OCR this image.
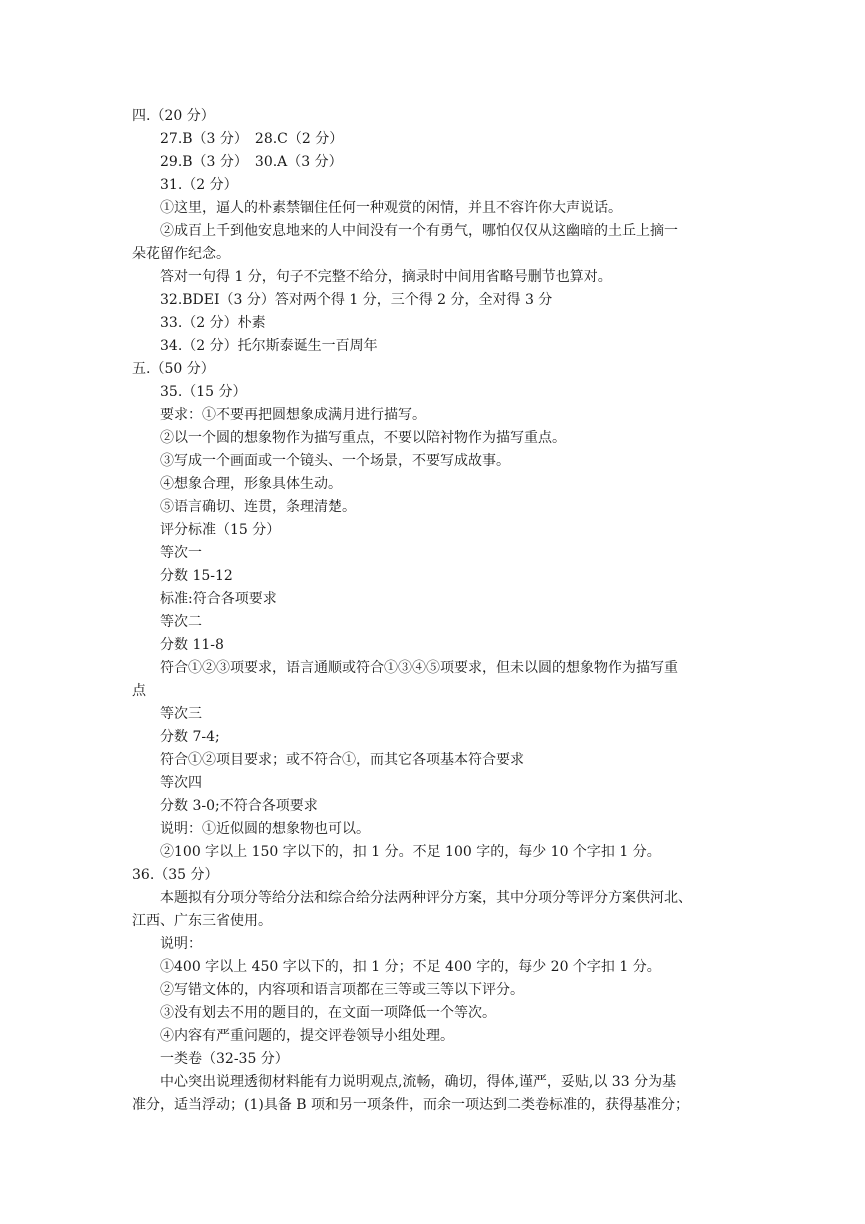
四.（20 分）
27.B（3 分）　28.C（2 分）
29.B（3 分）　30.A（3 分）
31.（2 分）
①这里，逼人的朴素禁锢住任何一种观赏的闲情，并且不容许你大声说话。
②成百上千到他安息地来的人中间没有一个有勇气，哪怕仅仅从这幽暗的土丘上摘一
朵花留作纪念。
答对一句得 1 分，句子不完整不给分，摘录时中间用省略号删节也算对。
32.BDEI（3 分）答对两个得 1 分，三个得 2 分，全对得 3 分
33.（2 分）朴素
34.（2 分）托尔斯泰诞生一百周年
五.（50 分）
35.（15 分）
要求：①不要再把圆想象成满月进行描写。
②以一个圆的想象物作为描写重点，不要以陪衬物作为描写重点。
③写成一个画面或一个镜头、一个场景，不要写成故事。
④想象合理，形象具体生动。
⑤语言确切、连贯，条理清楚。
评分标准（15 分）
等次一
分数 15-12
标准:符合各项要求
等次二
分数 11-8
符合①②③项要求，语言通顺或符合①③④⑤项要求，但未以圆的想象物作为描写重
点
等次三
分数 7-4;
符合①②项目要求；或不符合①，而其它各项基本符合要求
等次四
分数 3-0;不符合各项要求
说明：①近似圆的想象物也可以。
②100 字以上 150 字以下的，扣 1 分。不足 100 字的，每少 10 个字扣 1 分。
36.（35 分）
本题拟有分项分等给分法和综合给分法两种评分方案，其中分项分等评分方案供河北、
江西、广东三省使用。
说明：
①400 字以上 450 字以下的，扣 1 分；不足 400 字的，每少 20 个字扣 1 分。
②写错文体的，内容项和语言项都在三等或三等以下评分。
③没有划去不用的题目的，在文面一项降低一个等次。
④内容有严重问题的，提交评卷领导小组处理。
一类卷（32-35 分）
中心突出说理透彻材料能有力说明观点,流畅，确切，得体,谨严，妥贴,以 33 分为基
准分，适当浮动；(1)具备 B 项和另一项条件，而余一项达到二类卷标准的，获得基准分；
